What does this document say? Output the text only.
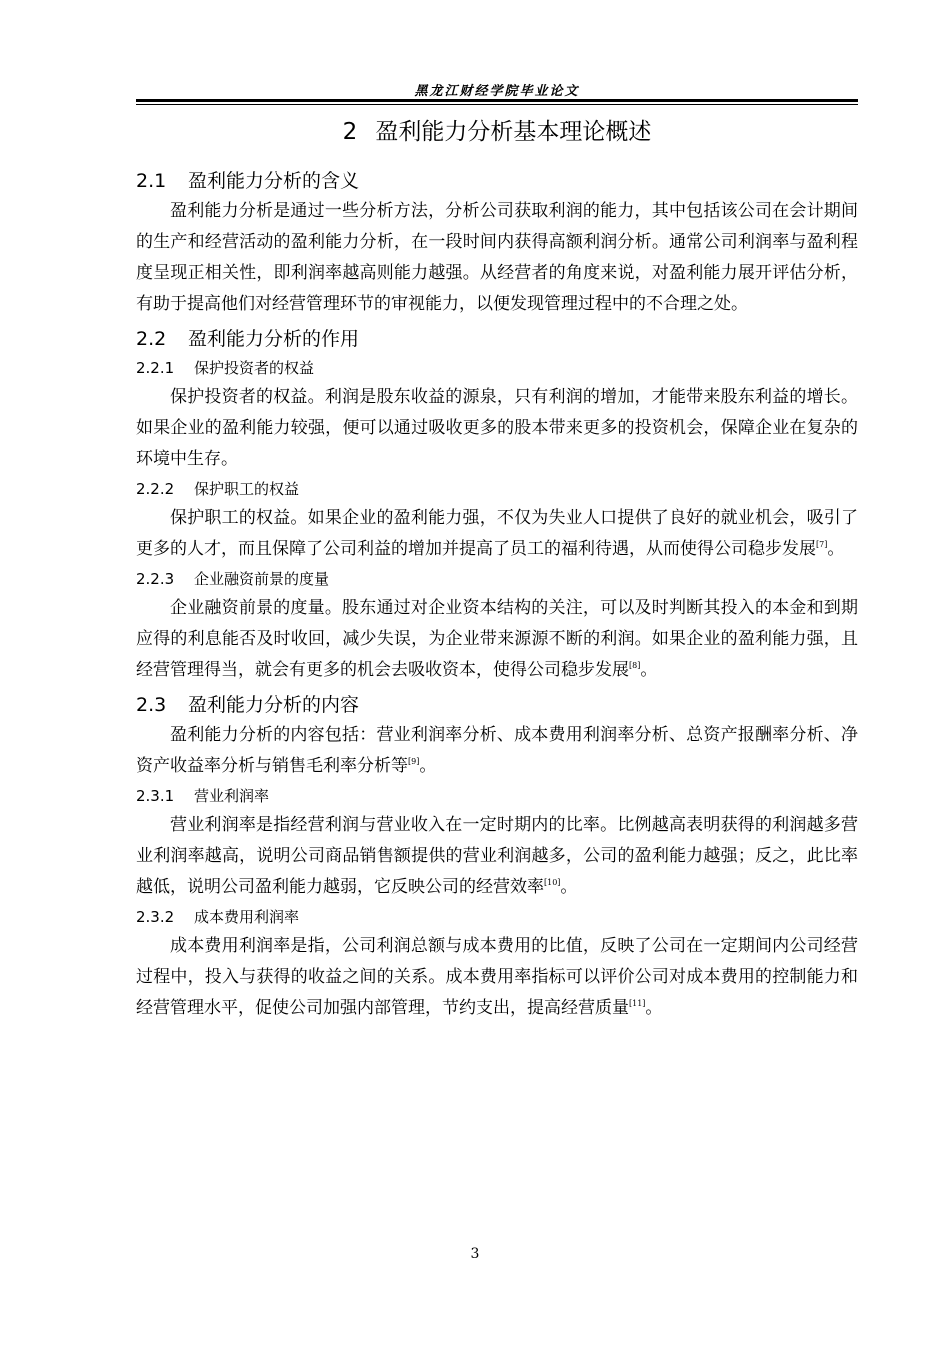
黑龙江财经学院毕业论文
2 盈利能力分析基本理论概述
2.1 盈利能力分析的含义

盈利能力分析是通过一些分析方法，分析公司获取利润的能力，其中包括该公司在会计期间的生产和经营活动的盈利能力分析，在一段时间内获得高额利润分析。通常公司利润率与盈利程度呈现正相关性，即利润率越高则能力越强。从经营者的角度来说，对盈利能力展开评估分析，有助于提高他们对经营管理环节的审视能力，以便发现管理过程中的不合理之处。

2.2 盈利能力分析的作用
2.2.1 保护投资者的权益

保护投资者的权益。利润是股东收益的源泉，只有利润的增加，才能带来股东利益的增长。如果企业的盈利能力较强，便可以通过吸收更多的股本带来更多的投资机会，保障企业在复杂的环境中生存。

2.2.2 保护职工的权益

保护职工的权益。如果企业的盈利能力强，不仅为失业人口提供了良好的就业机会，吸引了更多的人才，而且保障了公司利益的增加并提高了员工的福利待遇，从而使得公司稳步发展[7]。

2.2.3 企业融资前景的度量

企业融资前景的度量。股东通过对企业资本结构的关注，可以及时判断其投入的本金和到期应得的利息能否及时收回，减少失误，为企业带来源源不断的利润。如果企业的盈利能力强，且经营管理得当，就会有更多的机会去吸收资本，使得公司稳步发展[8]。

2.3 盈利能力分析的内容

盈利能力分析的内容包括：营业利润率分析、成本费用利润率分析、总资产报酬率分析、净资产收益率分析与销售毛利率分析等[9]。

2.3.1 营业利润率

营业利润率是指经营利润与营业收入在一定时期内的比率。比例越高表明获得的利润越多营业利润率越高，说明公司商品销售额提供的营业利润越多，公司的盈利能力越强；反之，此比率越低，说明公司盈利能力越弱，它反映公司的经营效率[10]。

2.3.2 成本费用利润率

成本费用利润率是指，公司利润总额与成本费用的比值，反映了公司在一定期间内公司经营过程中，投入与获得的收益之间的关系。成本费用率指标可以评价公司对成本费用的控制能力和经营管理水平，促使公司加强内部管理，节约支出，提高经营质量[11]。

3
